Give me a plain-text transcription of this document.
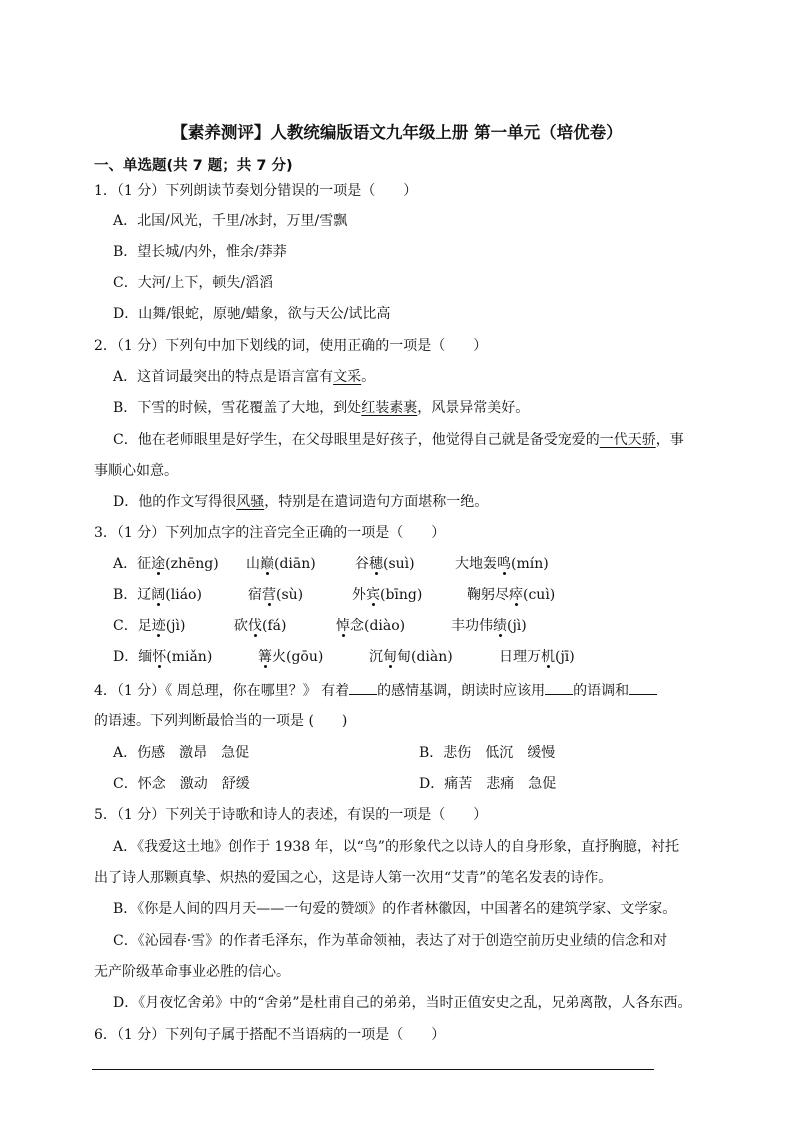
【素养测评】人教统编版语文九年级上册 第一单元（培优卷）
一、单选题(共 7 题；共 7 分)
1．（1 分）下列朗读节奏划分错误的一项是（　　）
A．北国/风光，千里/冰封，万里/雪飘
B．望长城/内外，惟余/莽莽
C．大河/上下，顿失/滔滔
D．山舞/银蛇，原驰/蜡象，欲与天公/试比高
2．（1 分）下列句中加下划线的词，使用正确的一项是（　　）
A．这首词最突出的特点是语言富有文采。
B．下雪的时候，雪花覆盖了大地，到处红装素裹，风景异常美好。
C．他在老师眼里是好学生，在父母眼里是好孩子，他觉得自己就是备受宠爱的一代天骄，事
事顺心如意。
D．他的作文写得很风骚，特别是在遣词造句方面堪称一绝。
3．（1 分）下列加点字的注音完全正确的一项是（　　）
A．征途(zhēng) 山巅(diān)	谷穗(suì)	大地轰鸣(mín)
B．辽阔(liáo)	宿营(sù)	外宾(bīng)	鞠躬尽瘁(cuì)
C．足迹(jì)	砍伐(fá)	悼念(diào)	丰功伟绩(jì)
D．缅怀(miǎn)	篝火(gōu)	沉甸甸(diàn)	日理万机(jī)
4．（1 分）《 周总理，你在哪里？》 有着 的感情基调，朗读时应该用 的语调和
的语速。下列判断最恰当的一项是 (　　)
A．伤感　激昂　急促	B．悲伤　低沉　缓慢
C．怀念　激动　舒缓	D．痛苦　悲痛　急促
5．（1 分）下列关于诗歌和诗人的表述，有误的一项是（　　）
A．《我爱这土地》创作于 1938 年，以“鸟”的形象代之以诗人的自身形象，直抒胸臆，衬托
出了诗人那颗真挚、炽热的爱国之心，这是诗人第一次用“艾青”的笔名发表的诗作。
B．《你是人间的四月天——一句爱的赞颂》的作者林徽因，中国著名的建筑学家、文学家。
C．《沁园春·雪》的作者毛泽东，作为革命领袖，表达了对于创造空前历史业绩的信念和对
无产阶级革命事业必胜的信心。
D．《月夜忆舍弟》中的“舍弟”是杜甫自己的弟弟，当时正值安史之乱，兄弟离散，人各东西。
6．（1 分）下列句子属于搭配不当语病的一项是（　　）
